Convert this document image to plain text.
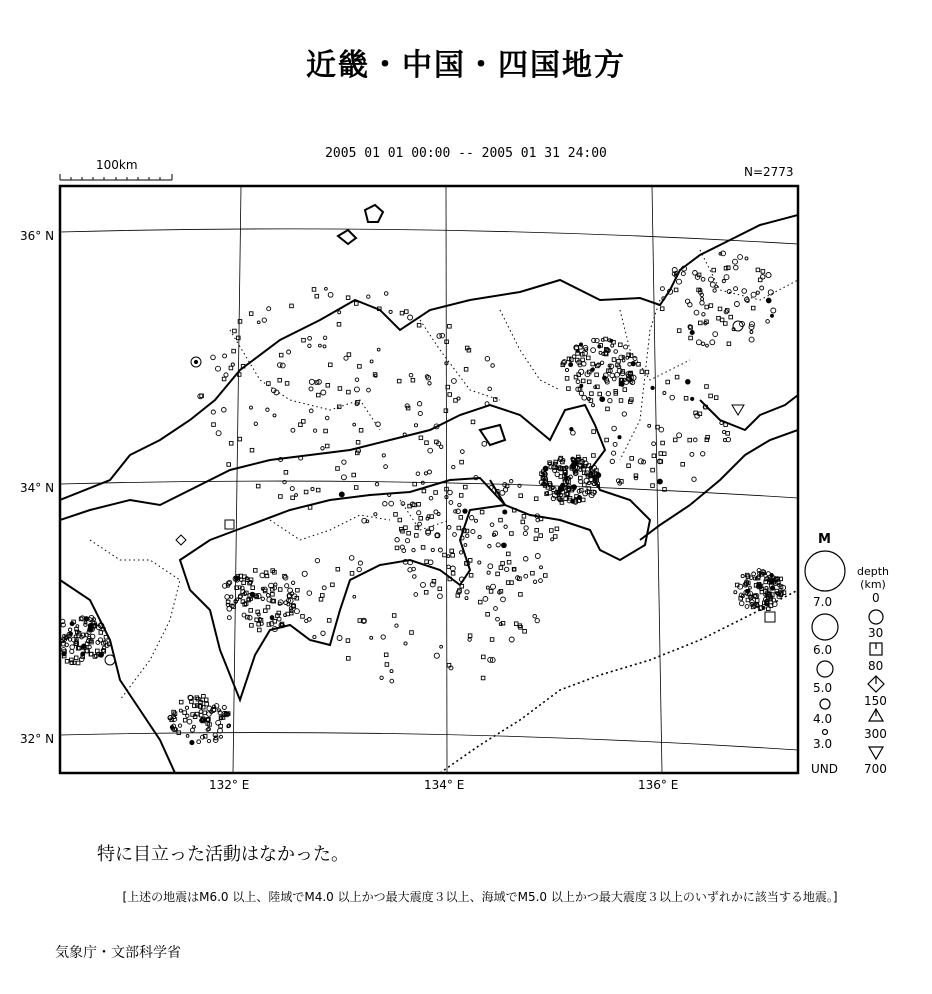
近畿・中国・四国地方
2005 01 01 00:00 -- 2005 01 31 24:00
100km	N=2773
36° N
34° N
32° N
132° E	134° E	136° E
M
7.0
6.0
5.0
4.0
3.0
UND
depth
(km)
0
30
80
150
300
700
特に目立った活動はなかった。
[上述の地震はM6.0 以上、陸域でM4.0 以上かつ最大震度３以上、海域でM5.0 以上かつ最大震度３以上のいずれかに該当する地震。]
気象庁・文部科学省
